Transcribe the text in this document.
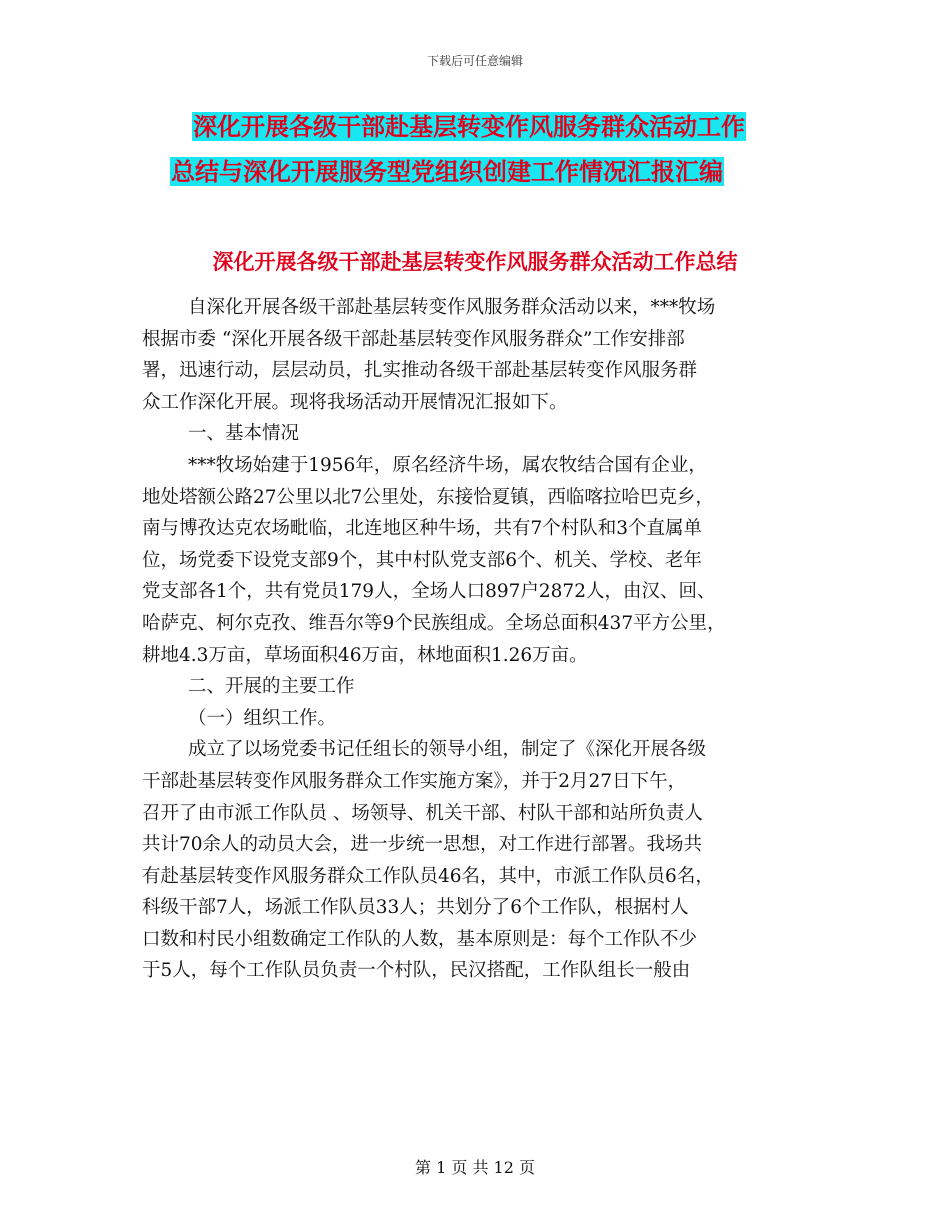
下载后可任意编辑
深化开展各级干部赴基层转变作风服务群众活动工作
总结与深化开展服务型党组织创建工作情况汇报汇编
深化开展各级干部赴基层转变作风服务群众活动工作总结

自深化开展各级干部赴基层转变作风服务群众活动以来，***牧场
根据市委 “深化开展各级干部赴基层转变作风服务群众”工作安排部
署，迅速行动，层层动员，扎实推动各级干部赴基层转变作风服务群
众工作深化开展。现将我场活动开展情况汇报如下。

一、基本情况

***牧场始建于1956年，原名经济牛场，属农牧结合国有企业，
地处塔额公路27公里以北7公里处，东接恰夏镇，西临喀拉哈巴克乡，
南与博孜达克农场毗临，北连地区种牛场，共有7个村队和3个直属单
位，场党委下设党支部9个，其中村队党支部6个、机关、学校、老年
党支部各1个，共有党员179人，全场人口897户2872人，由汉、回、
哈萨克、柯尔克孜、维吾尔等9个民族组成。全场总面积437平方公里，
耕地4.3万亩，草场面积46万亩，林地面积1.26万亩。

二、开展的主要工作

（一）组织工作。

成立了以场党委书记任组长的领导小组，制定了《深化开展各级
干部赴基层转变作风服务群众工作实施方案》，并于2月27日下午，
召开了由市派工作队员 、场领导、机关干部、村队干部和站所负责人
共计70余人的动员大会，进一步统一思想，对工作进行部署。我场共
有赴基层转变作风服务群众工作队员46名，其中，市派工作队员6名，
科级干部7人，场派工作队员33人；共划分了6个工作队，根据村人
口数和村民小组数确定工作队的人数，基本原则是：每个工作队不少
于5人，每个工作队员负责一个村队，民汉搭配，工作队组长一般由

第 1 页 共 12 页
